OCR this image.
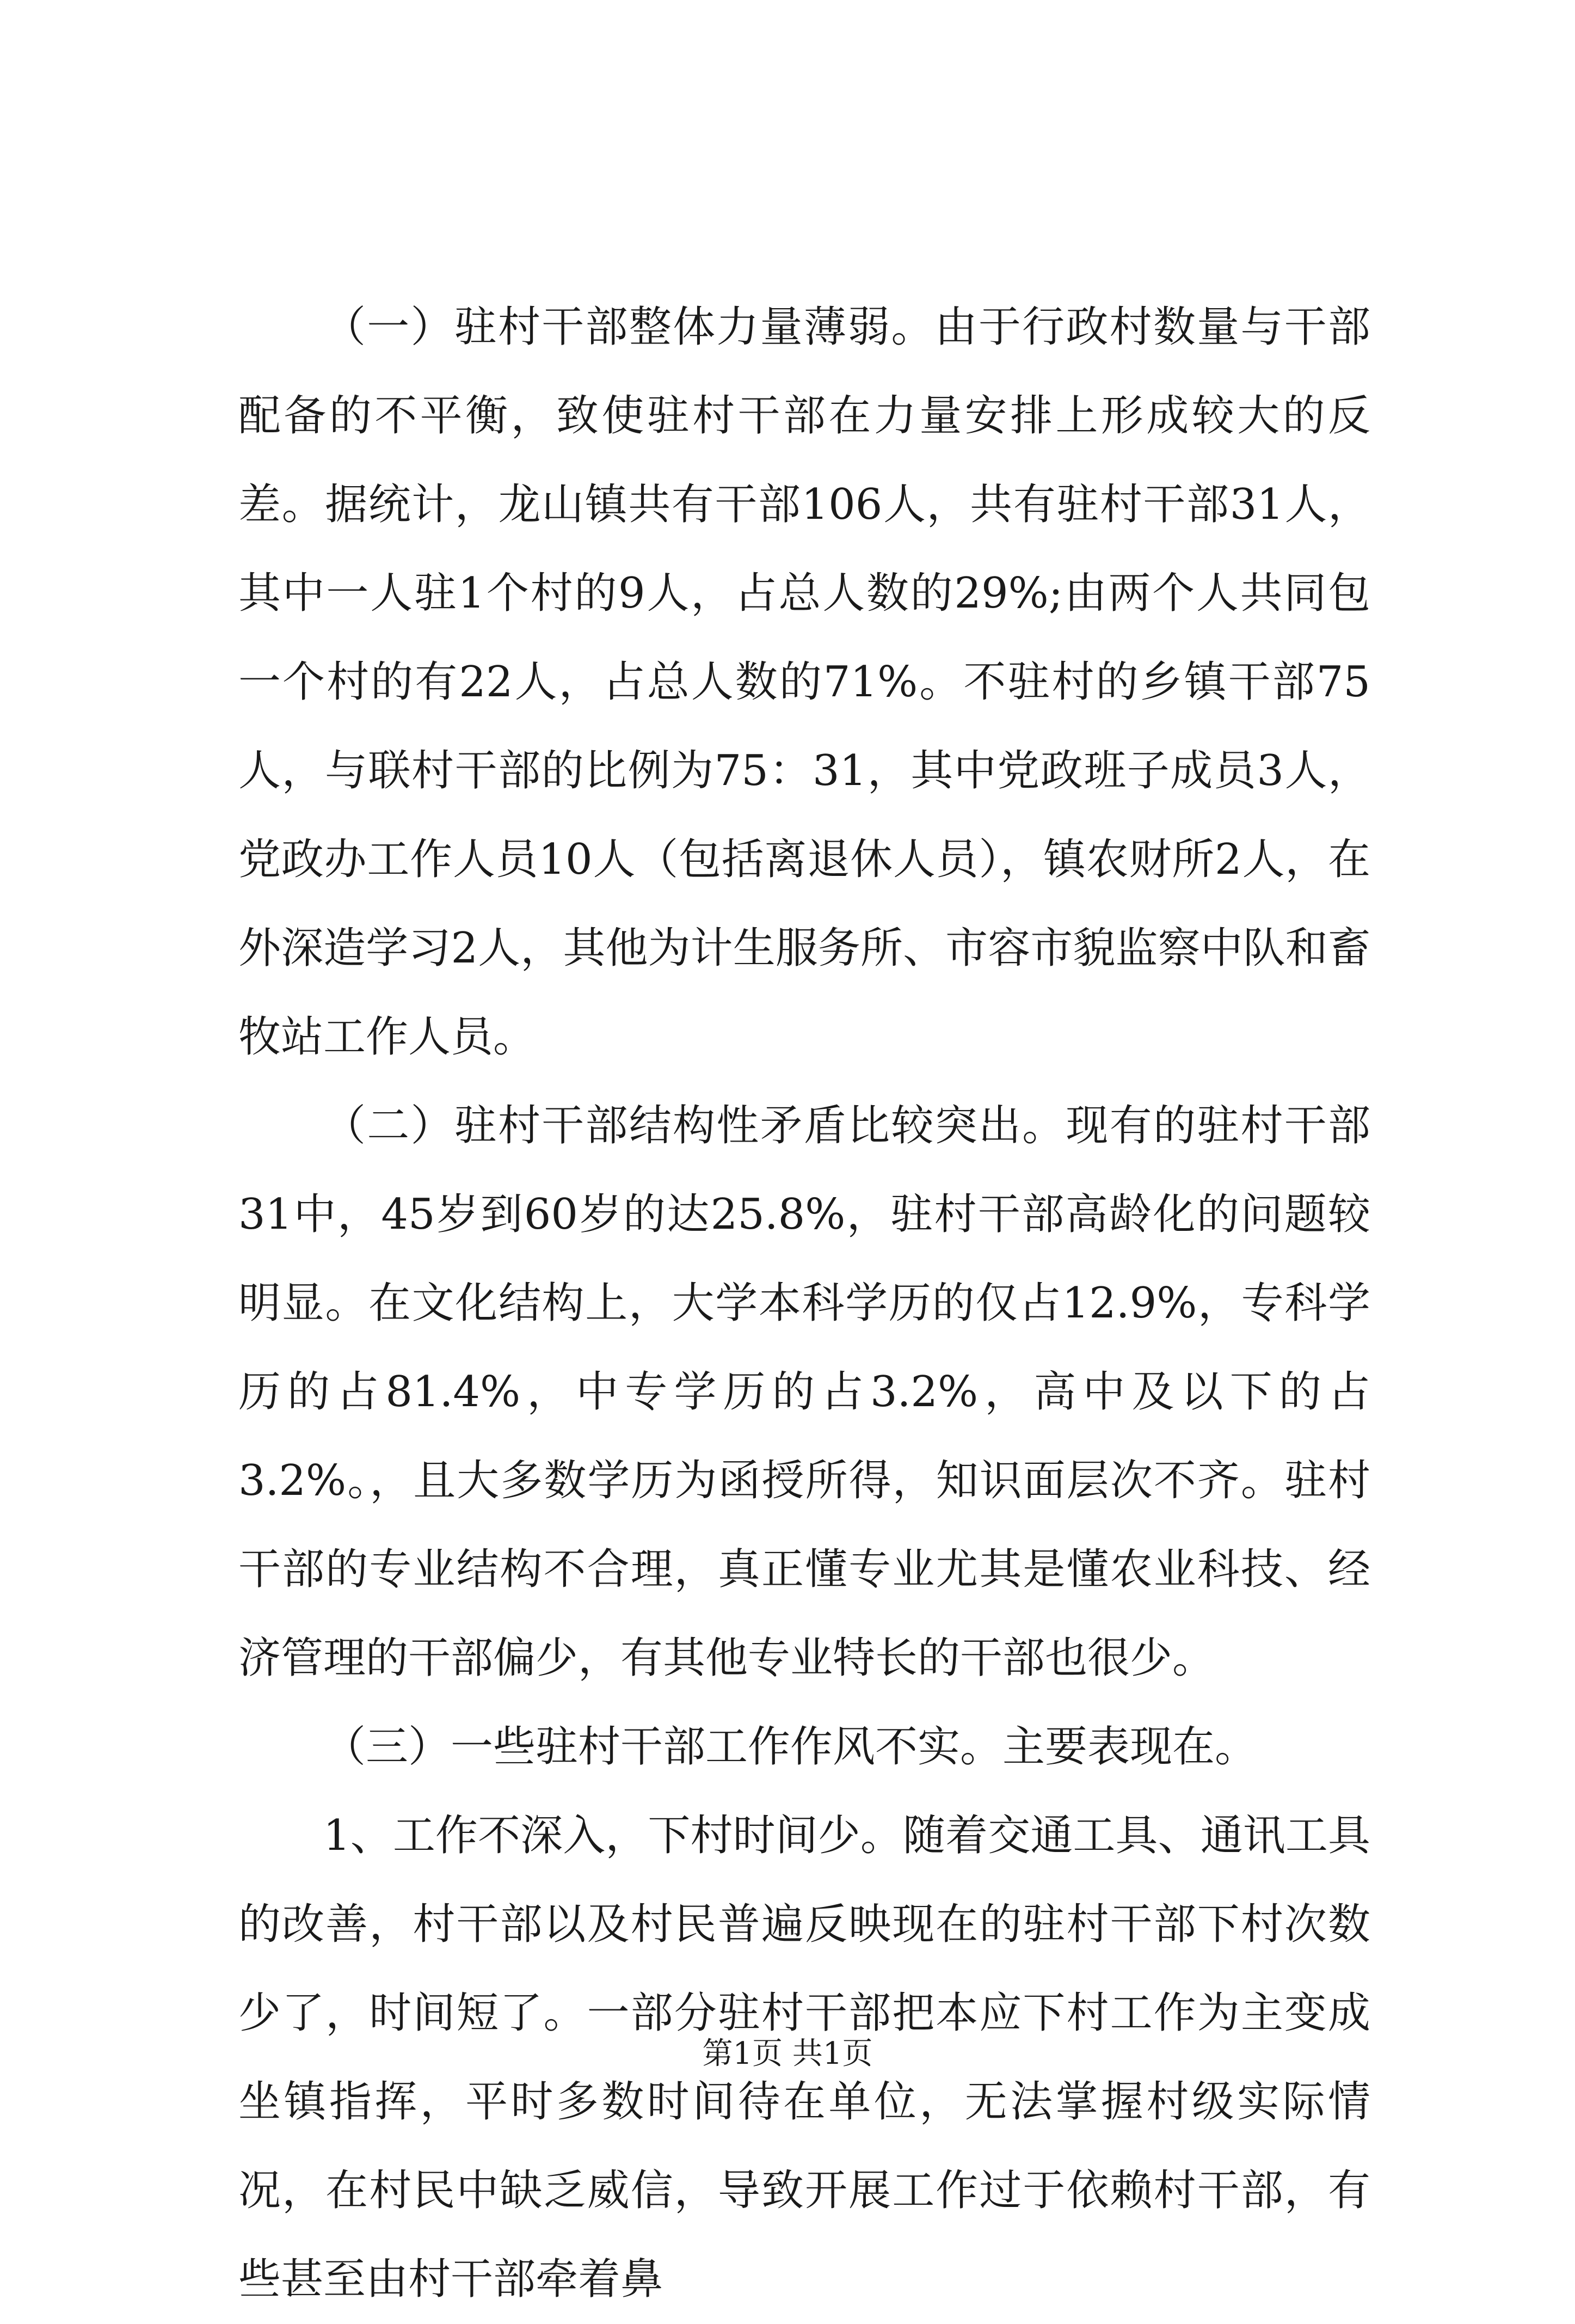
（一）驻村干部整体力量薄弱。由于行政村数量与干部配备的不平衡，致使驻村干部在力量安排上形成较大的反差。据统计，龙山镇共有干部106人，共有驻村干部31人，其中一人驻1个村的9人，占总人数的29%;由两个人共同包一个村的有22人，占总人数的71%。不驻村的乡镇干部75人，与联村干部的比例为75：31，其中党政班子成员3人，党政办工作人员10人（包括离退休人员），镇农财所2人，在外深造学习2人，其他为计生服务所、市容市貌监察中队和畜牧站工作人员。

（二）驻村干部结构性矛盾比较突出。现有的驻村干部31中，45岁到60岁的达25.8%，驻村干部高龄化的问题较明显。在文化结构上，大学本科学历的仅占12.9%，专科学历的占81.4%，中专学历的占3.2%，高中及以下的占3.2%。，且大多数学历为函授所得，知识面层次不齐。驻村干部的专业结构不合理，真正懂专业尤其是懂农业科技、经济管理的干部偏少，有其他专业特长的干部也很少。

（三）一些驻村干部工作作风不实。主要表现在。

1、工作不深入，下村时间少。随着交通工具、通讯工具的改善，村干部以及村民普遍反映现在的驻村干部下村次数少了，时间短了。一部分驻村干部把本应下村工作为主变成坐镇指挥，平时多数时间待在单位，无法掌握村级实际情况，在村民中缺乏威信，导致开展工作过于依赖村干部，有些甚至由村干部牵着鼻

第1页 共1页
